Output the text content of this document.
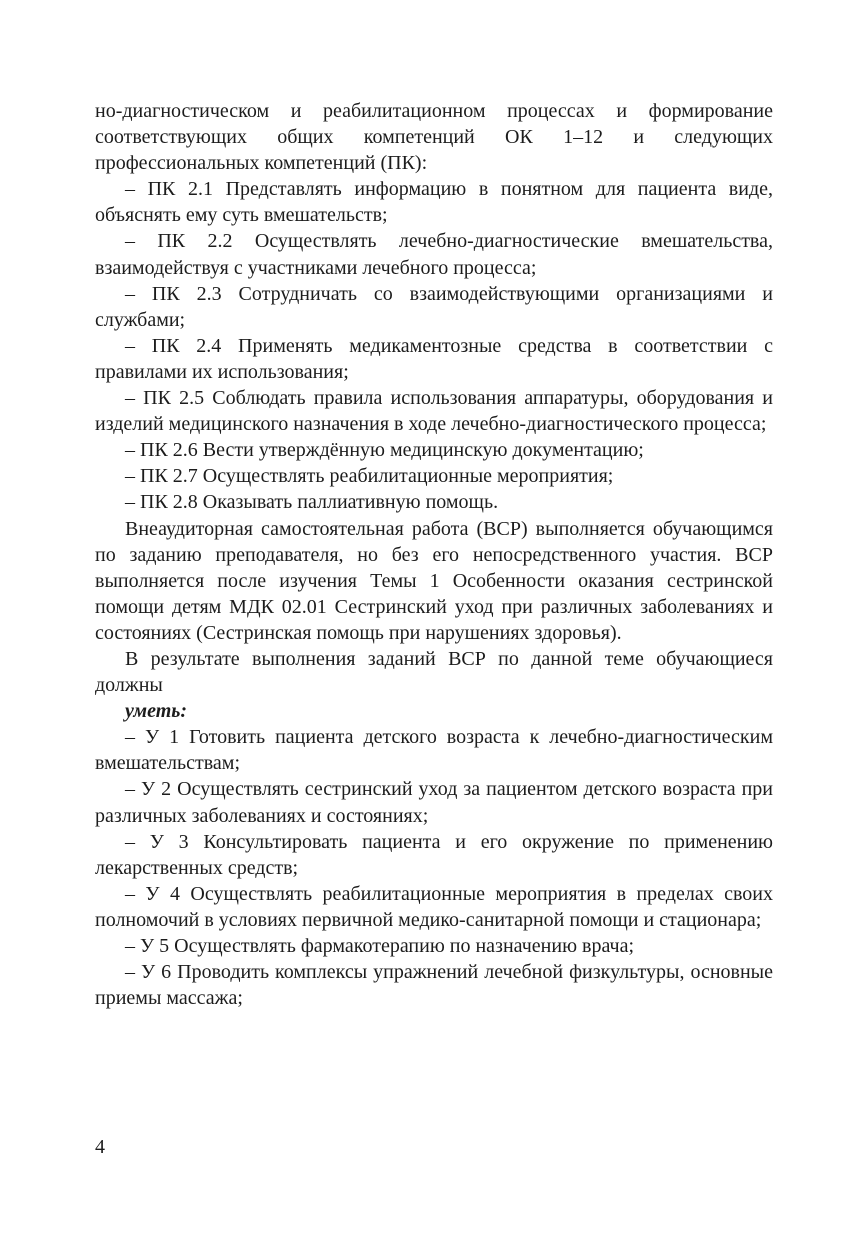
но-диагностическом и реабилитационном процессах и формирование соответствующих общих компетенций ОК 1–12 и следующих профессиональных компетенций (ПК):

– ПК 2.1 Представлять информацию в понятном для пациента виде, объяснять ему суть вмешательств;

– ПК 2.2 Осуществлять лечебно-диагностические вмешательства, взаимодействуя с участниками лечебного процесса;

– ПК 2.3 Сотрудничать со взаимодействующими организациями и службами;

– ПК 2.4 Применять медикаментозные средства в соответствии с правилами их использования;

– ПК 2.5 Соблюдать правила использования аппаратуры, оборудования и изделий медицинского назначения в ходе лечебно-диагностического процесса;

– ПК 2.6 Вести утверждённую медицинскую документацию;

– ПК 2.7 Осуществлять реабилитационные мероприятия;

– ПК 2.8 Оказывать паллиативную помощь.

Внеаудиторная самостоятельная работа (ВСР) выполняется обучающимся по заданию преподавателя, но без его непосредственного участия. ВСР выполняется после изучения Темы 1 Особенности оказания сестринской помощи детям МДК 02.01 Сестринский уход при различных заболеваниях и состояниях (Сестринская помощь при нарушениях здоровья).

В результате выполнения заданий ВСР по данной теме обучающиеся должны

уметь:

– У 1 Готовить пациента детского возраста к лечебно-диагностическим вмешательствам;

– У 2 Осуществлять сестринский уход за пациентом детского возраста при различных заболеваниях и состояниях;

– У 3 Консультировать пациента и его окружение по применению лекарственных средств;

– У 4 Осуществлять реабилитационные мероприятия в пределах своих полномочий в условиях первичной медико-санитарной помощи и стационара;

– У 5 Осуществлять фармакотерапию по назначению врача;

– У 6 Проводить комплексы упражнений лечебной физкультуры, основные приемы массажа;

4
